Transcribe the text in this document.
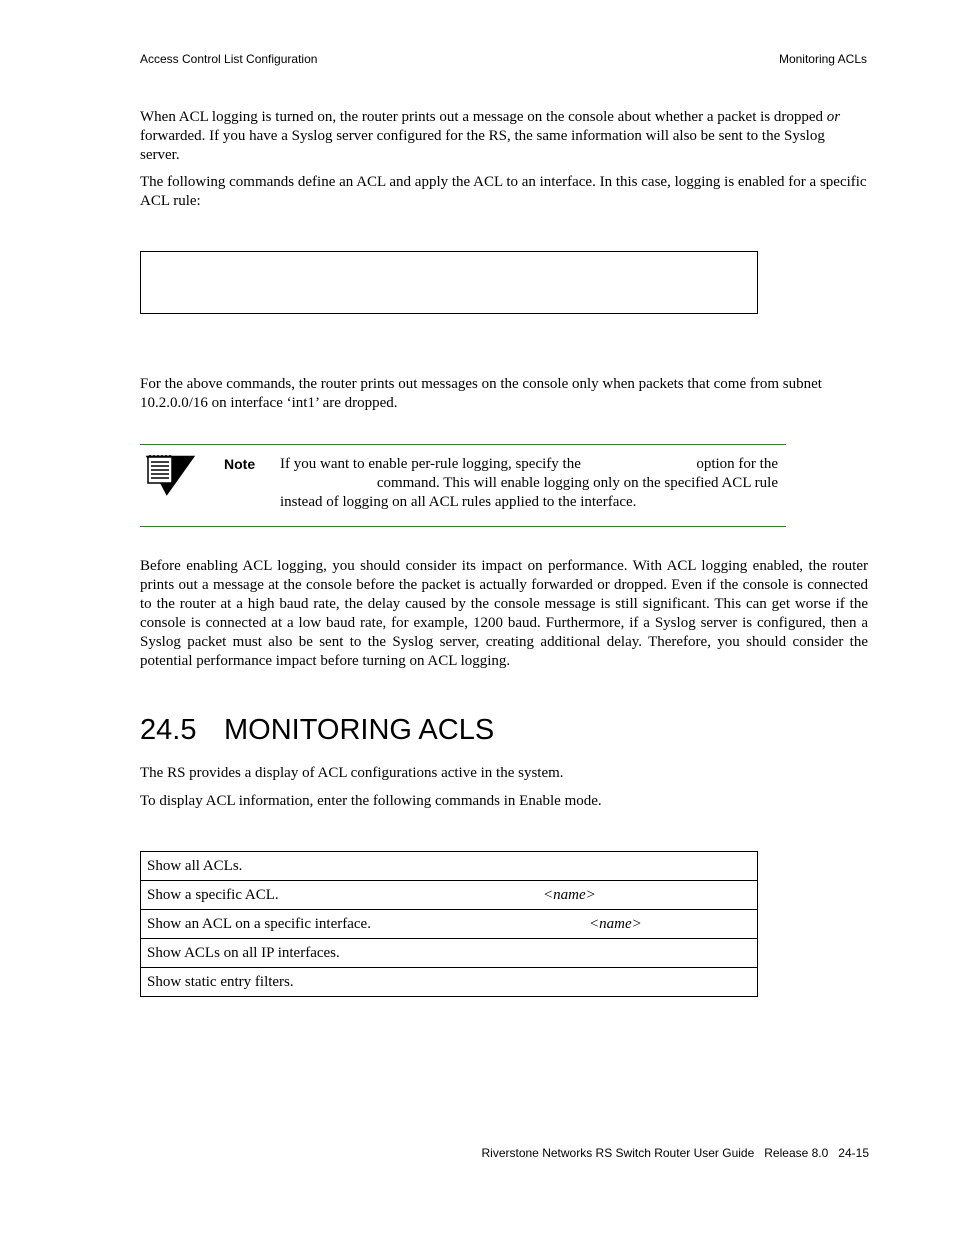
Access Control List Configuration	Monitoring ACLs

When ACL logging is turned on, the router prints out a message on the console about whether a packet is dropped or forwarded. If you have a Syslog server configured for the RS, the same information will also be sent to the Syslog server.

The following commands define an ACL and apply the ACL to an interface. In this case, logging is enabled for a specific ACL rule:

For the above commands, the router prints out messages on the console only when packets that come from subnet 10.2.0.0/16 on interface ‘int1’ are dropped.

Note If you want to enable per-rule logging, specify the	option for the
command. This will enable logging only on the specified ACL rule
instead of logging on all ACL rules applied to the interface.

Before enabling ACL logging, you should consider its impact on performance. With ACL logging enabled, the router prints out a message at the console before the packet is actually forwarded or dropped. Even if the console is connected to the router at a high baud rate, the delay caused by the console message is still significant. This can get worse if the console is connected at a low baud rate, for example, 1200 baud. Furthermore, if a Syslog server is configured, then a Syslog packet must also be sent to the Syslog server, creating additional delay. Therefore, you should consider the potential performance impact before turning on ACL logging.

24.5 MONITORING ACLS

The RS provides a display of ACL configurations active in the system.

To display ACL information, enter the following commands in Enable mode.

Show all ACLs.	
Show a specific ACL.	<name>
Show an ACL on a specific interface.	<name>
Show ACLs on all IP interfaces.	
Show static entry filters.	
Riverstone Networks RS Switch Router User Guide   Release 8.0   24-15
